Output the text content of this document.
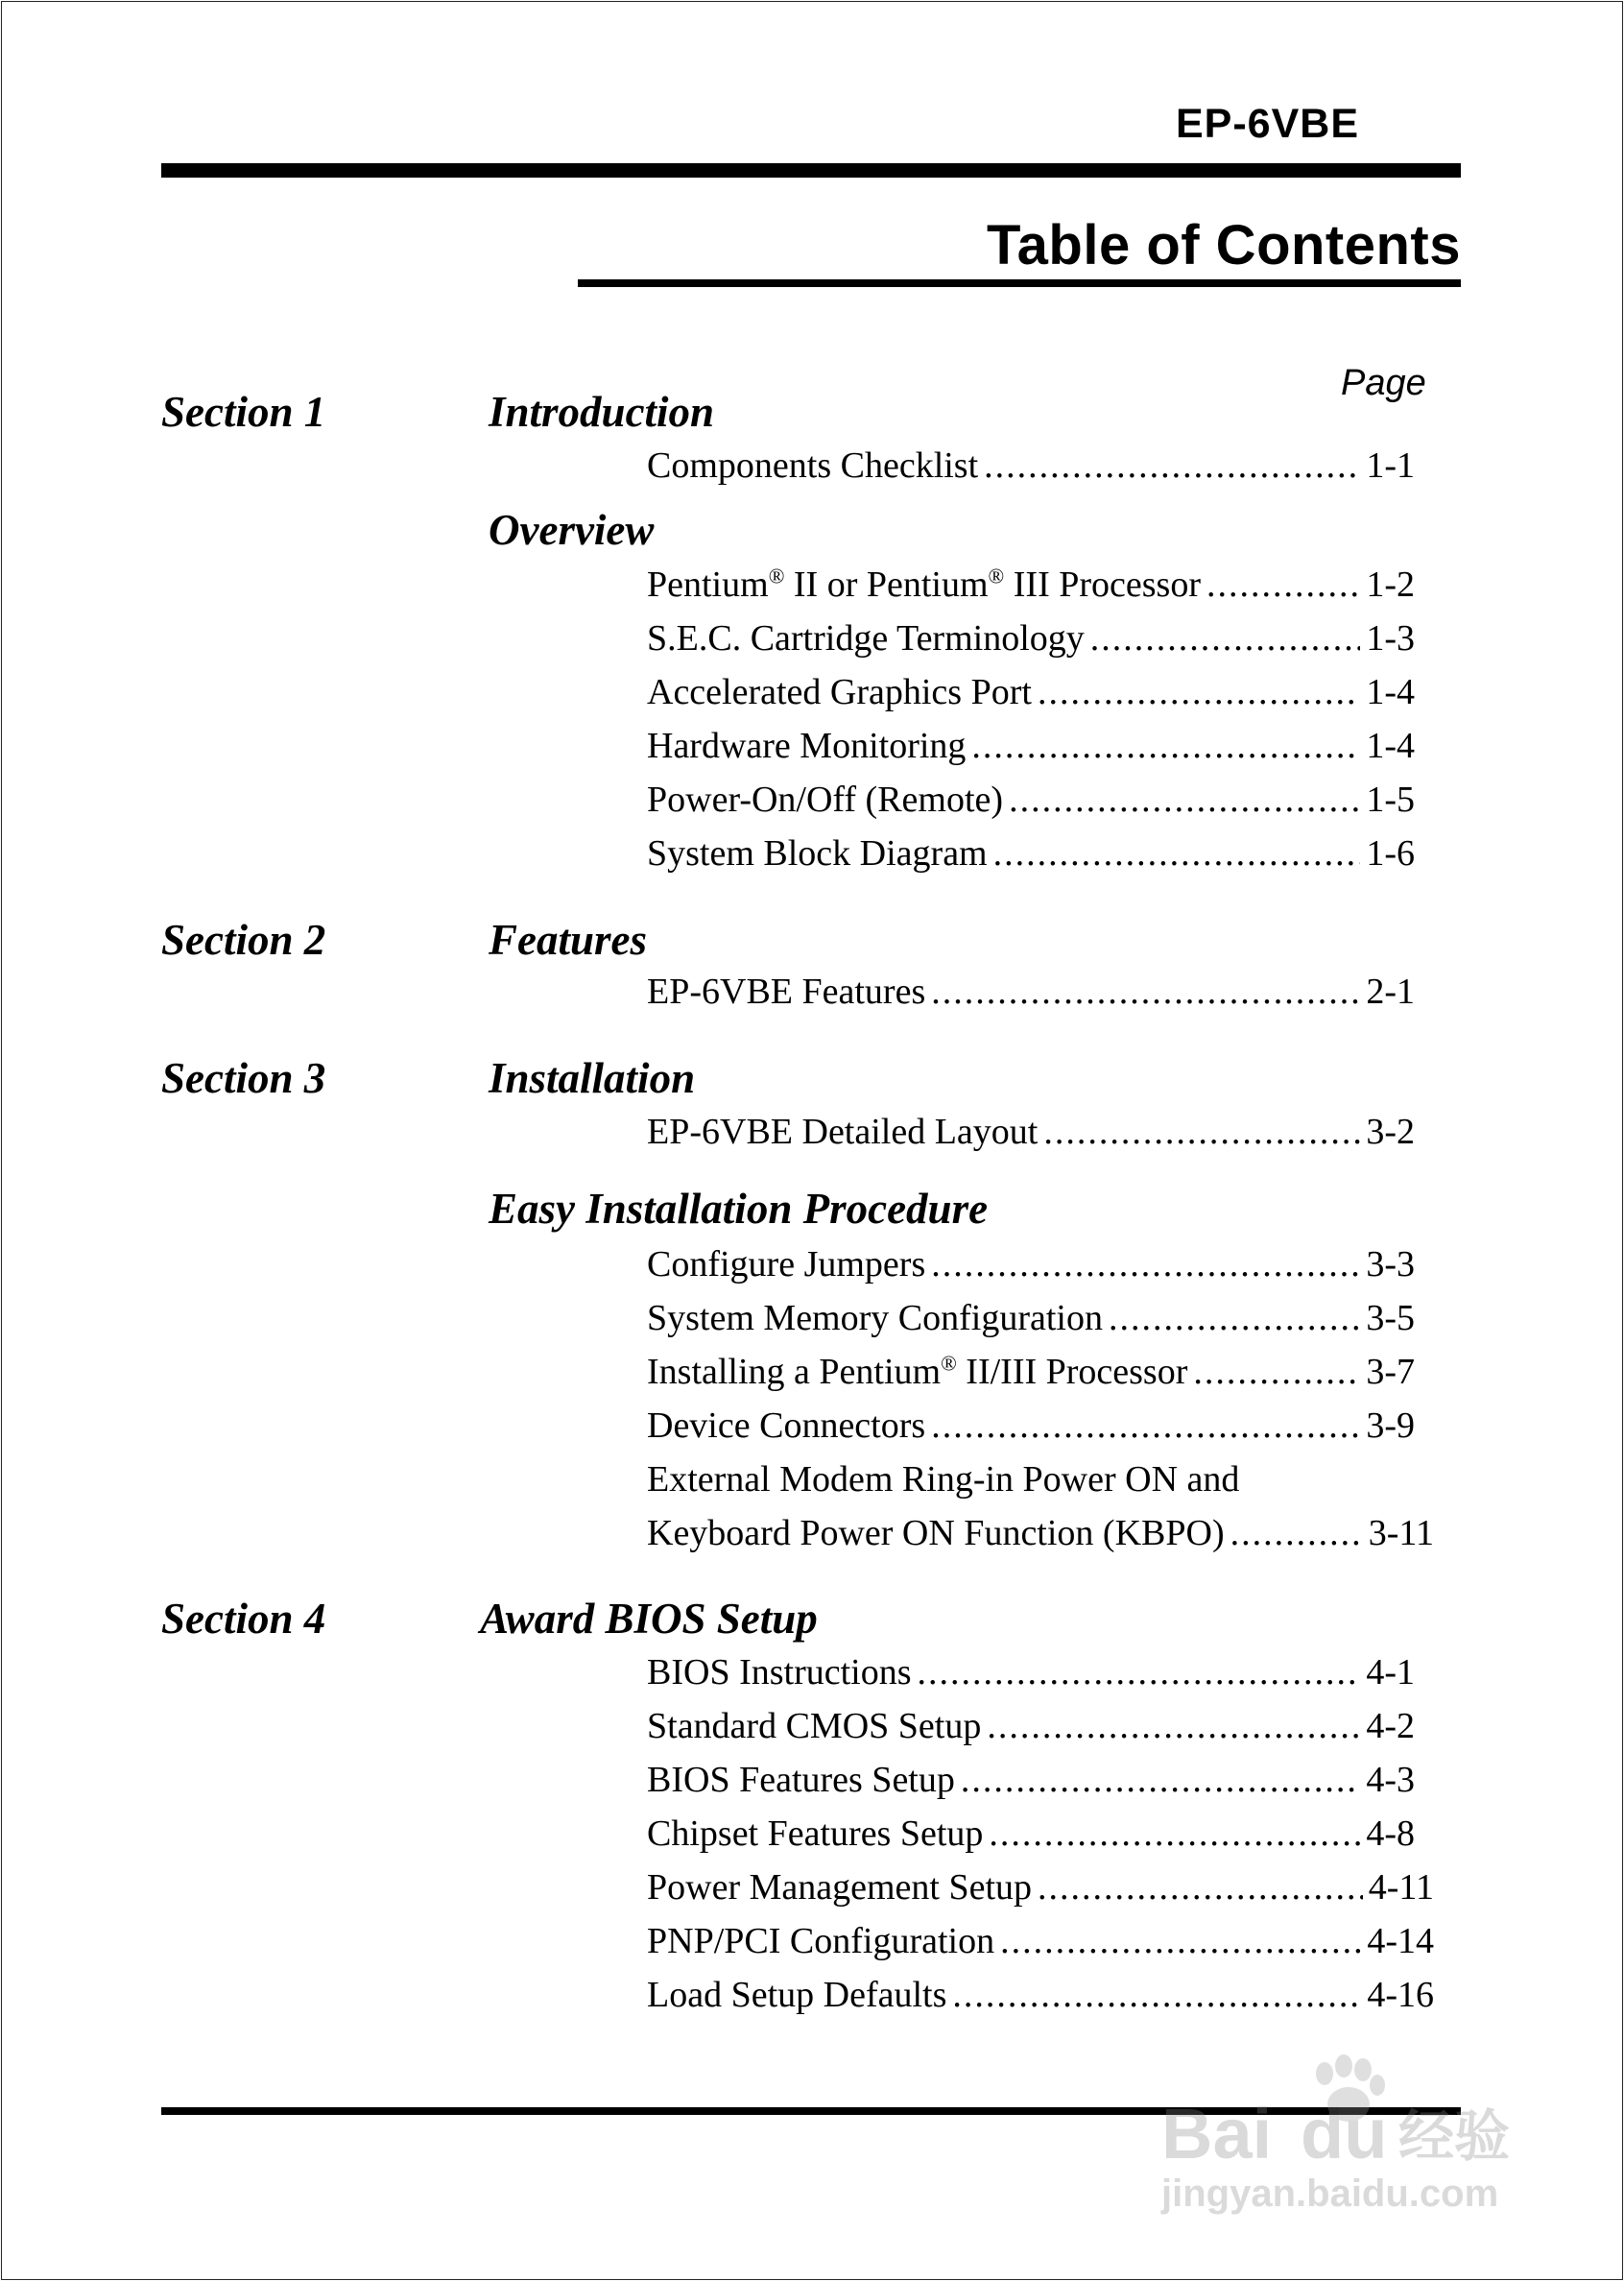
EP-6VBE
Table of Contents
Page
Section 1	Introduction
Components Checklist .....	1-1
Overview
Pentium® II or Pentium® III Processor .....	1-2
S.E.C. Cartridge Terminology .....	1-3
Accelerated Graphics Port .....	1-4
Hardware Monitoring .....	1-4
Power-On/Off (Remote) .....	1-5
System Block Diagram .....	1-6
Section 2	Features
EP-6VBE Features .....	2-1
Section 3	Installation
EP-6VBE Detailed Layout .....	3-2
Easy Installation Procedure
Configure Jumpers .....	3-3
System Memory Configuration .....	3-5
Installing a Pentium® II/III Processor .....	3-7
Device Connectors .....	3-9
External Modem Ring-in Power ON and
Keyboard Power ON Function (KBPO) .....	3-11
Section 4	Award BIOS Setup
BIOS Instructions .....	4-1
Standard CMOS Setup .....	4-2
BIOS Features Setup .....	4-3
Chipset Features Setup .....	4-8
Power Management Setup .....	4-11
PNP/PCI Configuration .....	4-14
Load Setup Defaults .....	4-16
Bai du 经验
jingyan.baidu.com
